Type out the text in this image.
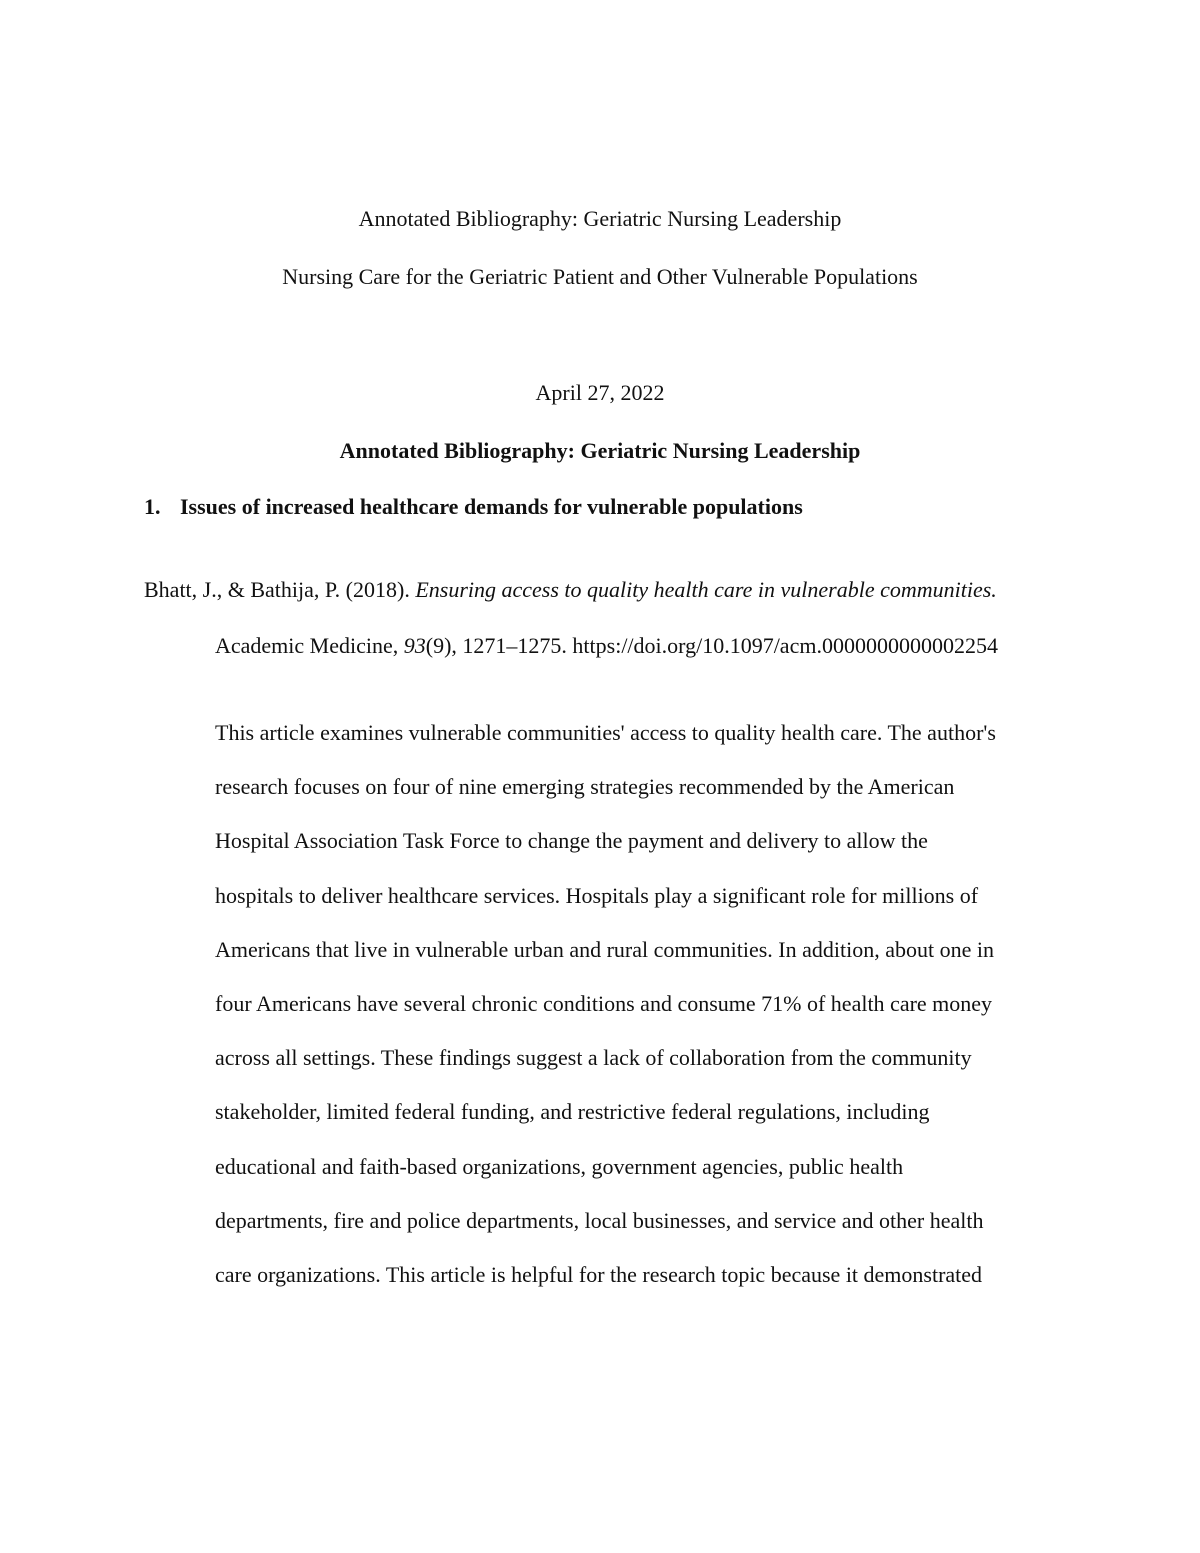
Annotated Bibliography: Geriatric Nursing Leadership
Nursing Care for the Geriatric Patient and Other Vulnerable Populations
April 27, 2022
Annotated Bibliography: Geriatric Nursing Leadership
1. Issues of increased healthcare demands for vulnerable populations
Bhatt, J., & Bathija, P. (2018). Ensuring access to quality health care in vulnerable communities.
Academic Medicine, 93(9), 1271–1275. https://doi.org/10.1097/acm.0000000000002254
This article examines vulnerable communities' access to quality health care. The author's
research focuses on four of nine emerging strategies recommended by the American
Hospital Association Task Force to change the payment and delivery to allow the
hospitals to deliver healthcare services. Hospitals play a significant role for millions of
Americans that live in vulnerable urban and rural communities. In addition, about one in
four Americans have several chronic conditions and consume 71% of health care money
across all settings. These findings suggest a lack of collaboration from the community
stakeholder, limited federal funding, and restrictive federal regulations, including
educational and faith-based organizations, government agencies, public health
departments, fire and police departments, local businesses, and service and other health
care organizations. This article is helpful for the research topic because it demonstrated
